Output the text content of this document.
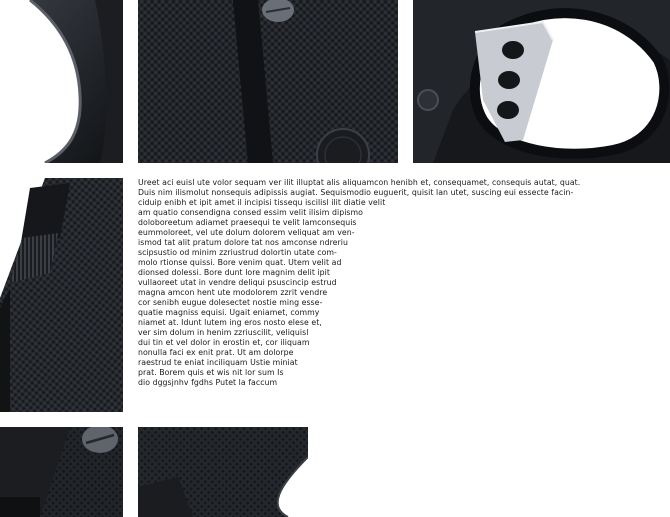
Ureet aci euisl ute volor sequam ver ilit illuptat alis aliquamcon henibh et, consequamet, consequis autat, quat.
Duis nim ilismolut nonsequis adipissis augiat. Sequismodio euguerit, quisit lan utet, suscing eui essecte facin-
ciduip enibh et ipit amet il incipisi tissequ iscilisl ilit diatie velit
am quatio consendigna consed essim velit ilisim dipismo
doloboreetum adiamet praesequi te velit lamconsequis
eummoloreet, vel ute dolum dolorem veliquat am ven-
ismod tat alit pratum dolore tat nos amconse ndreriu
scipsustio od minim zzriustrud dolortin utate com-
molo rtionse quissi. Bore venim quat. Utem velit ad
dionsed dolessi. Bore dunt lore magnim delit ipit
vullaoreet utat in vendre deliqui psuscincip estrud
magna amcon hent ute modolorem zzrit vendre
cor senibh eugue dolesectet nostie ming esse-
quatie magniss equisi. Ugait eniamet, commy
niamet at. Idunt lutem ing eros nosto elese et,
ver sim dolum in henim zzriuscilit, veliquisl
dui tin et vel dolor in erostin et, cor iliquam
nonulla faci ex enit prat. Ut am dolorpe
raestrud te eniat inciliquam Ustie miniat
prat. Borem quis et wis nit lor sum Is
dio dggsjnhv fgdhs Putet la faccum
